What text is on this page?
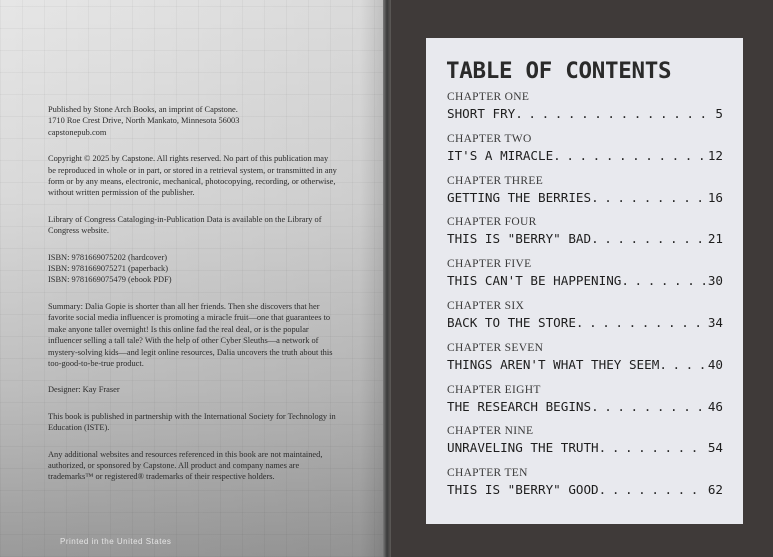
Published by Stone Arch Books, an imprint of Capstone.
1710 Roe Crest Drive, North Mankato, Minnesota 56003
capstonepub.com

Copyright © 2025 by Capstone. All rights reserved. No part of this publication may be reproduced in whole or in part, or stored in a retrieval system, or transmitted in any form or by any means, electronic, mechanical, photocopying, recording, or otherwise, without written permission of the publisher.

Library of Congress Cataloging-in-Publication Data is available on the Library of Congress website.

ISBN: 9781669075202 (hardcover)
ISBN: 9781669075271 (paperback)
ISBN: 9781669075479 (ebook PDF)

Summary: Dalia Gopie is shorter than all her friends. Then she discovers that her favorite social media influencer is promoting a miracle fruit—one that guarantees to make anyone taller overnight! Is this online fad the real deal, or is the popular influencer selling a tall tale? With the help of other Cyber Sleuths—a network of mystery-solving kids—and legit online resources, Dalia uncovers the truth about this too-good-to-be-true product.

Designer: Kay Fraser

This book is published in partnership with the International Society for Technology in Education (ISTE).

Any additional websites and resources referenced in this book are not maintained, authorized, or sponsored by Capstone. All product and company names are trademarks™ or registered® trademarks of their respective holders.

Printed in the United States
TABLE OF CONTENTS
CHAPTER ONE
SHORT FRY . . .	5
CHAPTER TWO
IT'S A MIRACLE . . .	12
CHAPTER THREE
GETTING THE BERRIES . . .	16
CHAPTER FOUR
THIS IS "BERRY" BAD . . .	21
CHAPTER FIVE
THIS CAN'T BE HAPPENING . . .	30
CHAPTER SIX
BACK TO THE STORE . . .	34
CHAPTER SEVEN
THINGS AREN'T WHAT THEY SEEM . . .	40
CHAPTER EIGHT
THE RESEARCH BEGINS . . .	46
CHAPTER NINE
UNRAVELING THE TRUTH . . .	54
CHAPTER TEN
THIS IS "BERRY" GOOD . . .	62
